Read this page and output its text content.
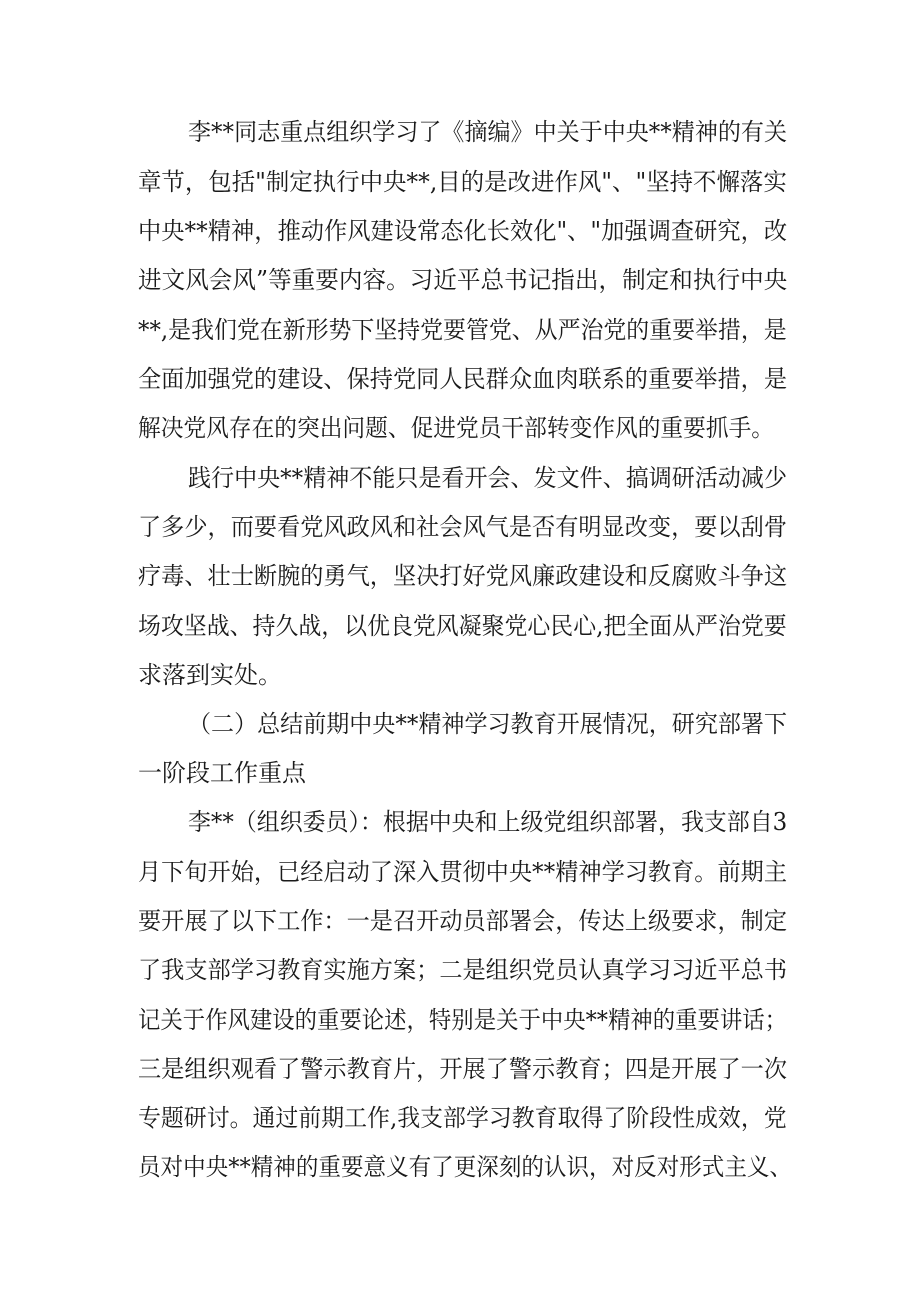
李**同志重点组织学习了《摘编》中关于中央**精神的有关
章节，包括"制定执行中央**,目的是改进作风"、"坚持不懈落实
中央**精神，推动作风建设常态化长效化"、"加强调查研究，改
进文风会风”等重要内容。习近平总书记指出，制定和执行中央
**,是我们党在新形势下坚持党要管党、从严治党的重要举措，是
全面加强党的建设、保持党同人民群众血肉联系的重要举措，是
解决党风存在的突出问题、促进党员干部转变作风的重要抓手。
践行中央**精神不能只是看开会、发文件、搞调研活动减少
了多少，而要看党风政风和社会风气是否有明显改变，要以刮骨
疗毒、壮士断腕的勇气，坚决打好党风廉政建设和反腐败斗争这
场攻坚战、持久战，以优良党风凝聚党心民心,把全面从严治党要
求落到实处。
（二）总结前期中央**精神学习教育开展情况，研究部署下
一阶段工作重点
李**（组织委员）：根据中央和上级党组织部署，我支部自3
月下旬开始，已经启动了深入贯彻中央**精神学习教育。前期主
要开展了以下工作：一是召开动员部署会，传达上级要求，制定
了我支部学习教育实施方案；二是组织党员认真学习习近平总书
记关于作风建设的重要论述，特别是关于中央**精神的重要讲话；
三是组织观看了警示教育片，开展了警示教育；四是开展了一次
专题研讨。通过前期工作,我支部学习教育取得了阶段性成效，党
员对中央**精神的重要意义有了更深刻的认识，对反对形式主义、
